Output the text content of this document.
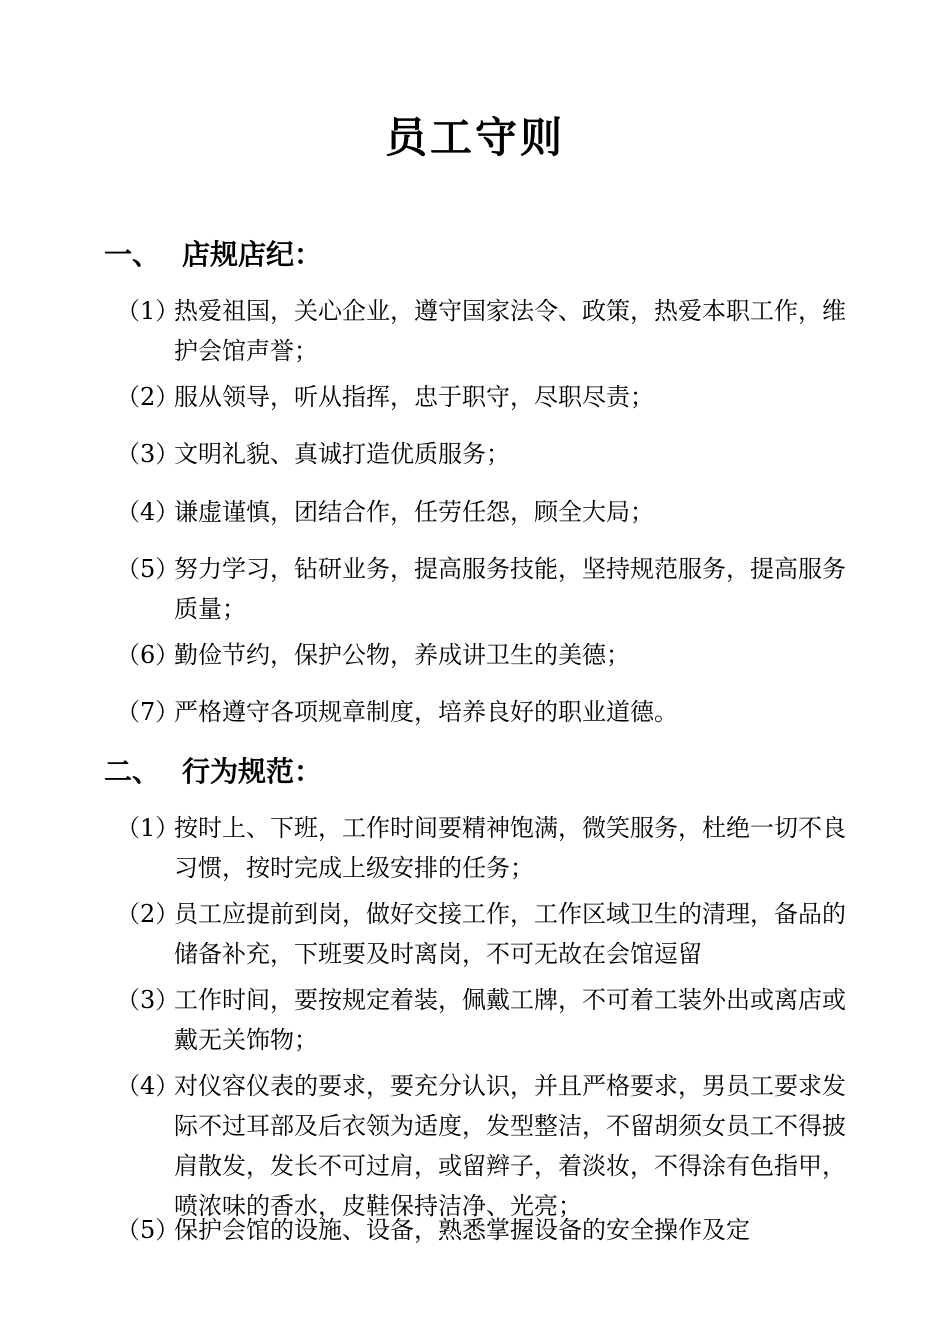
员工守则
一、 店规店纪：
（1）
热爱祖国，关心企业，遵守国家法令、政策，热爱本职工作，维护会馆声誉；
（2）
服从领导，听从指挥，忠于职守，尽职尽责；
（3）
文明礼貌、真诚打造优质服务；
（4）
谦虚谨慎，团结合作，任劳任怨，顾全大局；
（5）
努力学习，钻研业务，提高服务技能，坚持规范服务，提高服务质量；
（6）
勤俭节约，保护公物，养成讲卫生的美德；
（7）
严格遵守各项规章制度，培养良好的职业道德。
二、 行为规范：
（1）
按时上、下班，工作时间要精神饱满，微笑服务，杜绝一切不良习惯，按时完成上级安排的任务；
（2）
员工应提前到岗，做好交接工作，工作区域卫生的清理，备品的储备补充，下班要及时离岗，不可无故在会馆逗留
（3）
工作时间，要按规定着装，佩戴工牌，不可着工装外出或离店或戴无关饰物；
（4）
对仪容仪表的要求，要充分认识，并且严格要求，男员工要求发际不过耳部及后衣领为适度，发型整洁，不留胡须女员工不得披肩散发，发长不可过肩，或留辫子，着淡妆，不得涂有色指甲，喷浓味的香水，皮鞋保持洁净、光亮；
（5）
保护会馆的设施、设备，熟悉掌握设备的安全操作及定
